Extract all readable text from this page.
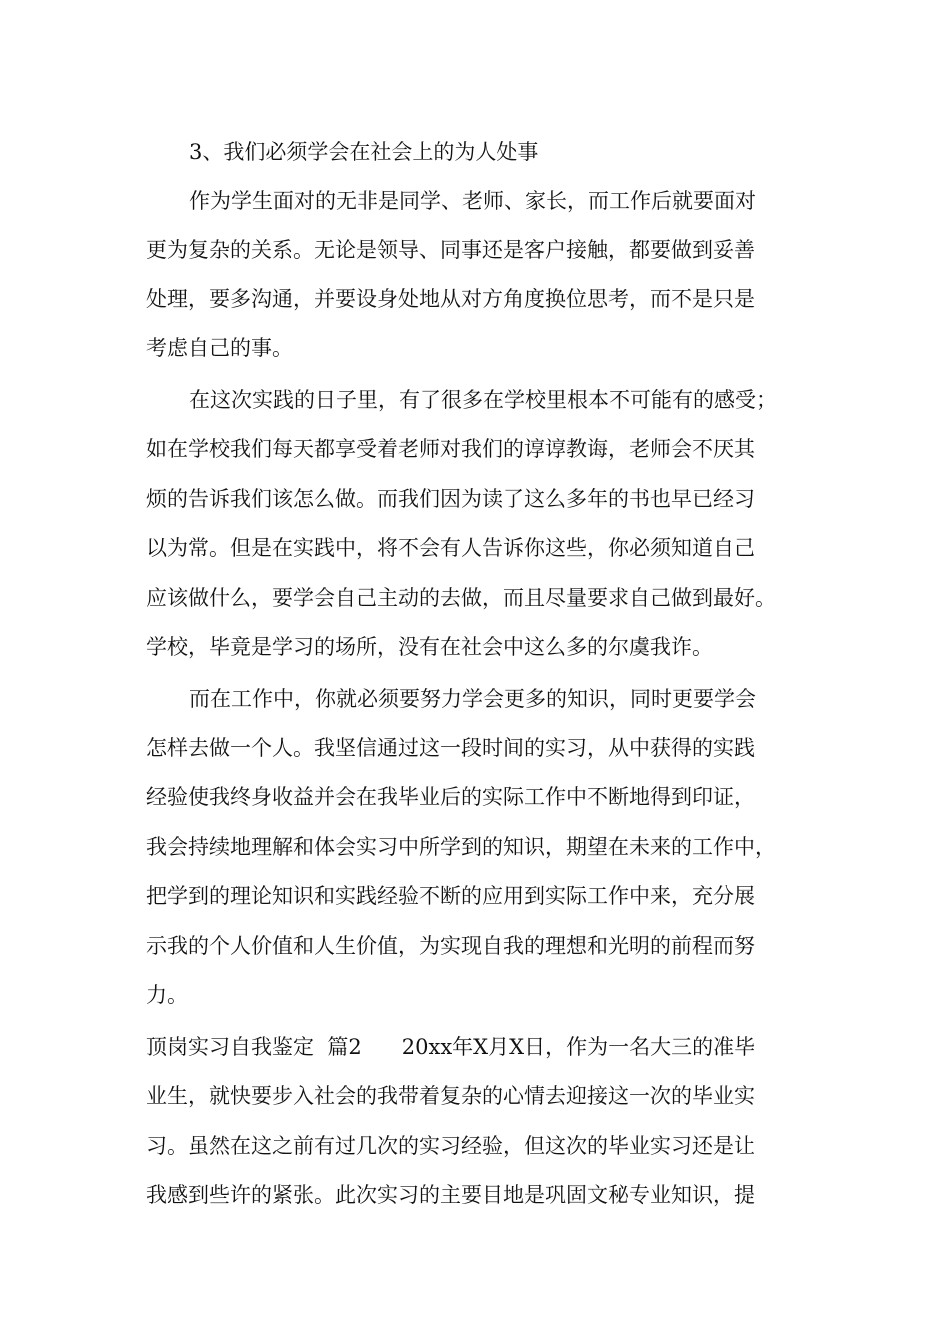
3、我们必须学会在社会上的为人处事
作为学生面对的无非是同学、老师、家长，而工作后就要面对
更为复杂的关系。无论是领导、同事还是客户接触，都要做到妥善
处理，要多沟通，并要设身处地从对方角度换位思考，而不是只是
考虑自己的事。
在这次实践的日子里，有了很多在学校里根本不可能有的感受；
如在学校我们每天都享受着老师对我们的谆谆教诲，老师会不厌其
烦的告诉我们该怎么做。而我们因为读了这么多年的书也早已经习
以为常。但是在实践中，将不会有人告诉你这些，你必须知道自己
应该做什么，要学会自己主动的去做，而且尽量要求自己做到最好。
学校，毕竟是学习的场所，没有在社会中这么多的尔虞我诈。
而在工作中，你就必须要努力学会更多的知识，同时更要学会
怎样去做一个人。我坚信通过这一段时间的实习，从中获得的实践
经验使我终身收益并会在我毕业后的实际工作中不断地得到印证，
我会持续地理解和体会实习中所学到的知识，期望在未来的工作中，
把学到的理论知识和实践经验不断的应用到实际工作中来，充分展
示我的个人价值和人生价值，为实现自我的理想和光明的前程而努
力。
顶岗实习自我鉴定  篇2      20xx年X月X日，作为一名大三的准毕
业生，就快要步入社会的我带着复杂的心情去迎接这一次的毕业实
习。虽然在这之前有过几次的实习经验，但这次的毕业实习还是让
我感到些许的紧张。此次实习的主要目地是巩固文秘专业知识，提
